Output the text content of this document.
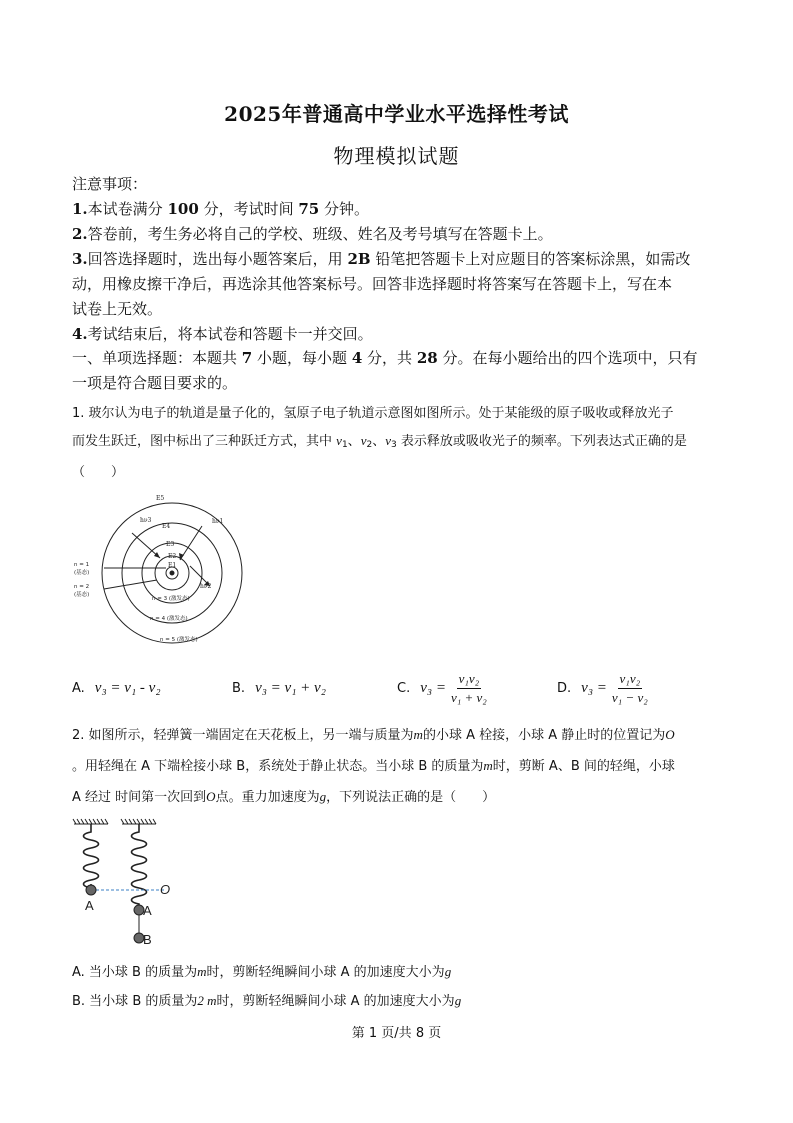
2025年普通高中学业水平选择性考试
物理模拟试题

注意事项：

1.本试卷满分 100 分，考试时间 75 分钟。

2.答卷前，考生务必将自己的学校、班级、姓名及考号填写在答题卡上。

3.回答选择题时，选出每小题答案后，用 2B 铅笔把答题卡上对应题目的答案标涂黑，如需改

动，用橡皮擦干净后，再选涂其他答案标号。回答非选择题时将答案写在答题卡上，写在本

试卷上无效。

4.考试结束后，将本试卷和答题卡一并交回。

一、单项选择题：本题共 7 小题，每小题 4 分，共 28 分。在每小题给出的四个选项中，只有
一项是符合题目要求的。

1. 玻尔认为电子的轨道是量子化的，氢原子电子轨道示意图如图所示。处于某能级的原子吸收或释放光子

而发生跃迁，图中标出了三种跃迁方式，其中 $\nu_1$、$\nu_2$、$\nu_3$ 表示释放或吸收光子的频率。下列表达式正确的是

（　　）

E5
E4
E3
E2
E1
hν3	hν1
hν2
n = 1
(基态)
n = 2
(基态)
n = 3 (激发态)
n = 4 (激发态)
n = 5 (激发态)
A. ν₃ = ν₁ - ν₂	B. ν₃ = ν₁ + ν₂	C. $\nu_3 = \frac{\text{ν₁ν₂}}{\text{ν₁ + ν₂}}$	D. $\nu_3 = \frac{\text{ν₁ν₂}}{\text{ν₁ − ν₂}}$

2. 如图所示，轻弹簧一端固定在天花板上，另一端与质量为m的小球 A 栓接，小球 A 静止时的位置记为O

。用轻绳在 A 下端栓接小球 B，系统处于静止状态。当小球 B 的质量为m时，剪断 A、B 间的轻绳，小球

A 经过 时间第一次回到O点。重力加速度为g，下列说法正确的是（　　）

A	A
B
O

A. 当小球 B 的质量为m时，剪断轻绳瞬间小球 A 的加速度大小为g

B. 当小球 B 的质量为2 m时，剪断轻绳瞬间小球 A 的加速度大小为g

第 1 页/共 8 页
